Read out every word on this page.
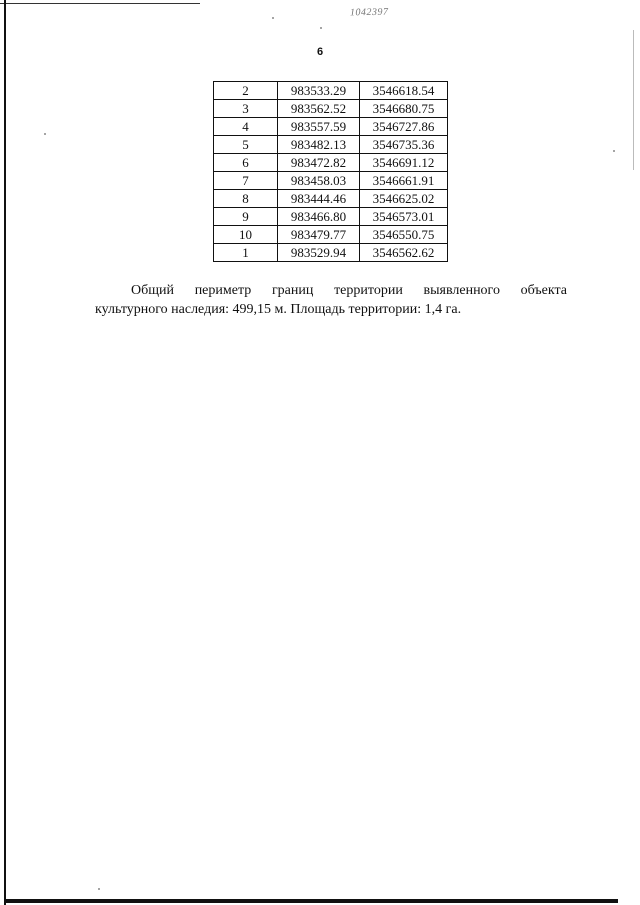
1042397
6
2	983533.29	3546618.54
3	983562.52	3546680.75
4	983557.59	3546727.86
5	983482.13	3546735.36
6	983472.82	3546691.12
7	983458.03	3546661.91
8	983444.46	3546625.02
9	983466.80	3546573.01
10	983479.77	3546550.75
1	983529.94	3546562.62
Общий периметр границ территории выявленного объекта
культурного наследия: 499,15 м. Площадь территории: 1,4 га.
